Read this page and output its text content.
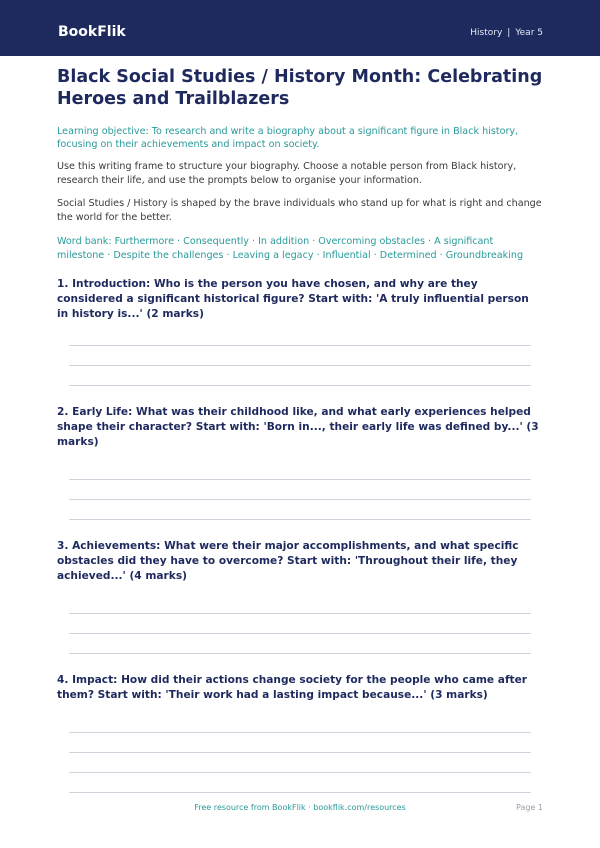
BookFlik	History | Year 5
Black Social Studies / History Month: Celebrating Heroes and Trailblazers
Learning objective: To research and write a biography about a significant figure in Black history, focusing on their achievements and impact on society.
Use this writing frame to structure your biography. Choose a notable person from Black history, research their life, and use the prompts below to organise your information.
Social Studies / History is shaped by the brave individuals who stand up for what is right and change the world for the better.
Word bank: Furthermore · Consequently · In addition · Overcoming obstacles · A significant milestone · Despite the challenges · Leaving a legacy · Influential · Determined · Groundbreaking
1. Introduction: Who is the person you have chosen, and why are they considered a significant historical figure? Start with: 'A truly influential person in history is...' (2 marks)
2. Early Life: What was their childhood like, and what early experiences helped shape their character? Start with: 'Born in..., their early life was defined by...' (3 marks)
3. Achievements: What were their major accomplishments, and what specific obstacles did they have to overcome? Start with: 'Throughout their life, they achieved...' (4 marks)
4. Impact: How did their actions change society for the people who came after them? Start with: 'Their work had a lasting impact because...' (3 marks)
Free resource from BookFlik · bookflik.com/resources	Page 1
